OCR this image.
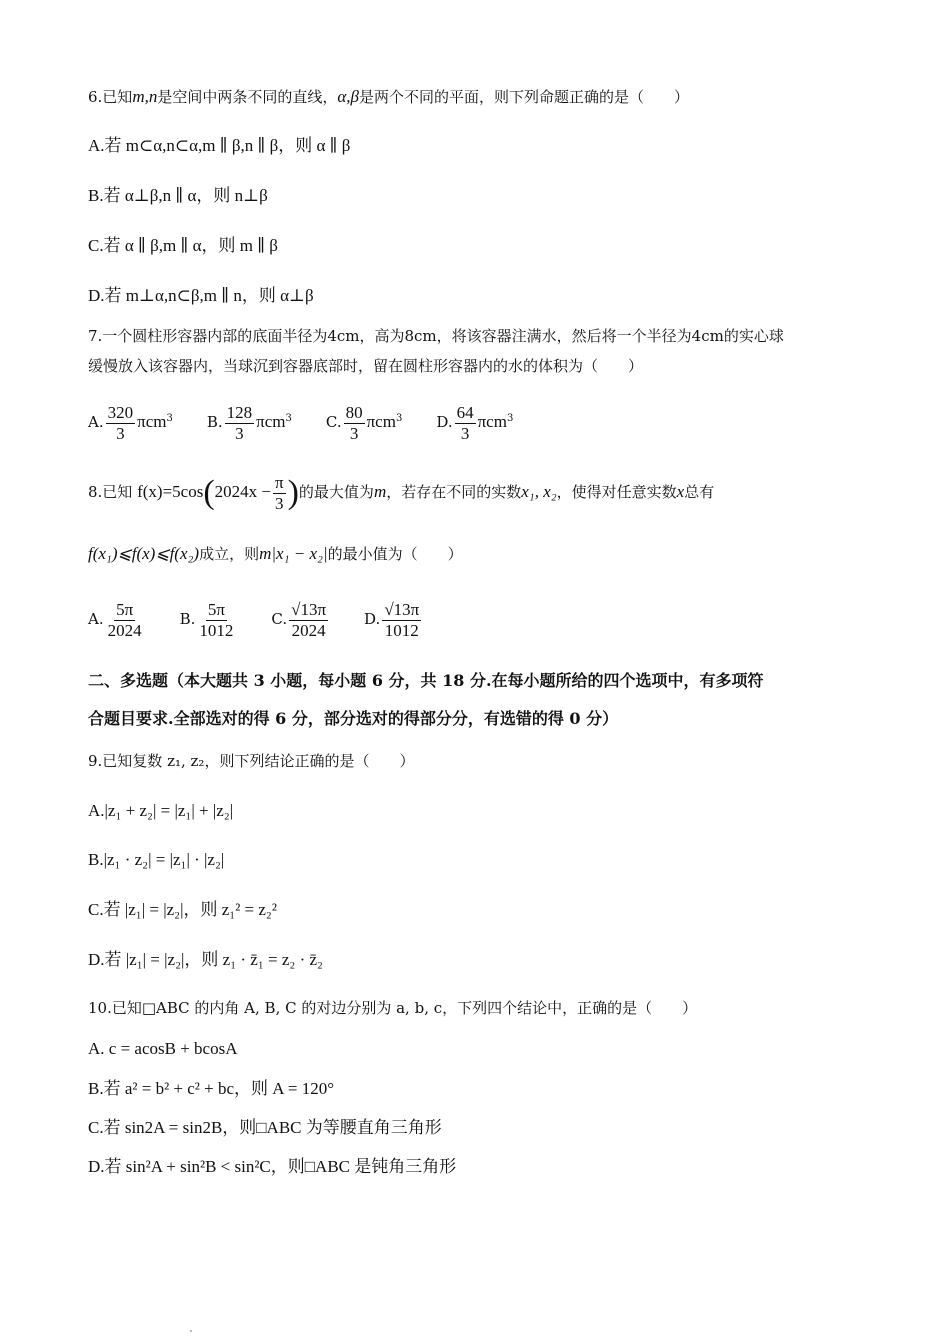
6.已知m,n是空间中两条不同的直线，α,β是两个不同的平面，则下列命题正确的是（　　）
A.若 m⊂α,n⊂α,m ∥ β,n ∥ β，则 α ∥ β
B.若 α⊥β,n ∥ α，则 n⊥β
C.若 α ∥ β,m ∥ α，则 m ∥ β
D.若 m⊥α,n⊂β,m ∥ n，则 α⊥β
7.一个圆柱形容器内部的底面半径为4cm，高为8cm，将该容器注满水，然后将一个半径为4cm的实心球
缓慢放入该容器内，当球沉到容器底部时，留在圆柱形容器内的水的体积为（　　）
A. $\frac{320}{3} \pi cm^3$ B. $\frac{128}{3} \pi cm^3$ C. $\frac{80}{3} \pi cm^3$ D. $\frac{64}{3} \pi cm^3$
8.已知 $f(x)=5\cos(2024x - \frac{\pi}{3}$ )的最大值为m，若存在不同的实数x₁, x₂，使得对任意实数x总有
f(x₁)⩽f(x)⩽f(x₂)成立，则m|x₁ − x₂|的最小值为（　　）
A. $\frac{5\pi}{2024} B$. $\frac{5\pi}{1012} C$. $\frac{√13\pi}{2024} D$. $\frac{√13\pi}{1012}$
二、多选题（本大题共 3 小题，每小题 6 分，共 18 分.在每小题所给的四个选项中，有多项符
合题目要求.全部选对的得 6 分，部分选对的得部分分，有选错的得 0 分）
9.已知复数 z₁, z₂，则下列结论正确的是（　　）
A.|z₁ + z₂| = |z₁| + |z₂|
B.|z₁ · z₂| = |z₁| · |z₂|
C.若 |z₁| = |z₂|，则 z₁² = z₂²
D.若 |z₁| = |z₂|，则 z₁ · z̄₁ = z₂ · z̄₂
10.已知□ABC 的内角 A, B, C 的对边分别为 a, b, c，下列四个结论中，正确的是（　　）
A. c = acosB + bcosA
B.若 a² = b² + c² + bc，则 A = 120°
C.若 sin2A = sin2B，则□ABC 为等腰直角三角形
D.若 sin²A + sin²B < sin²C，则□ABC 是钝角三角形
